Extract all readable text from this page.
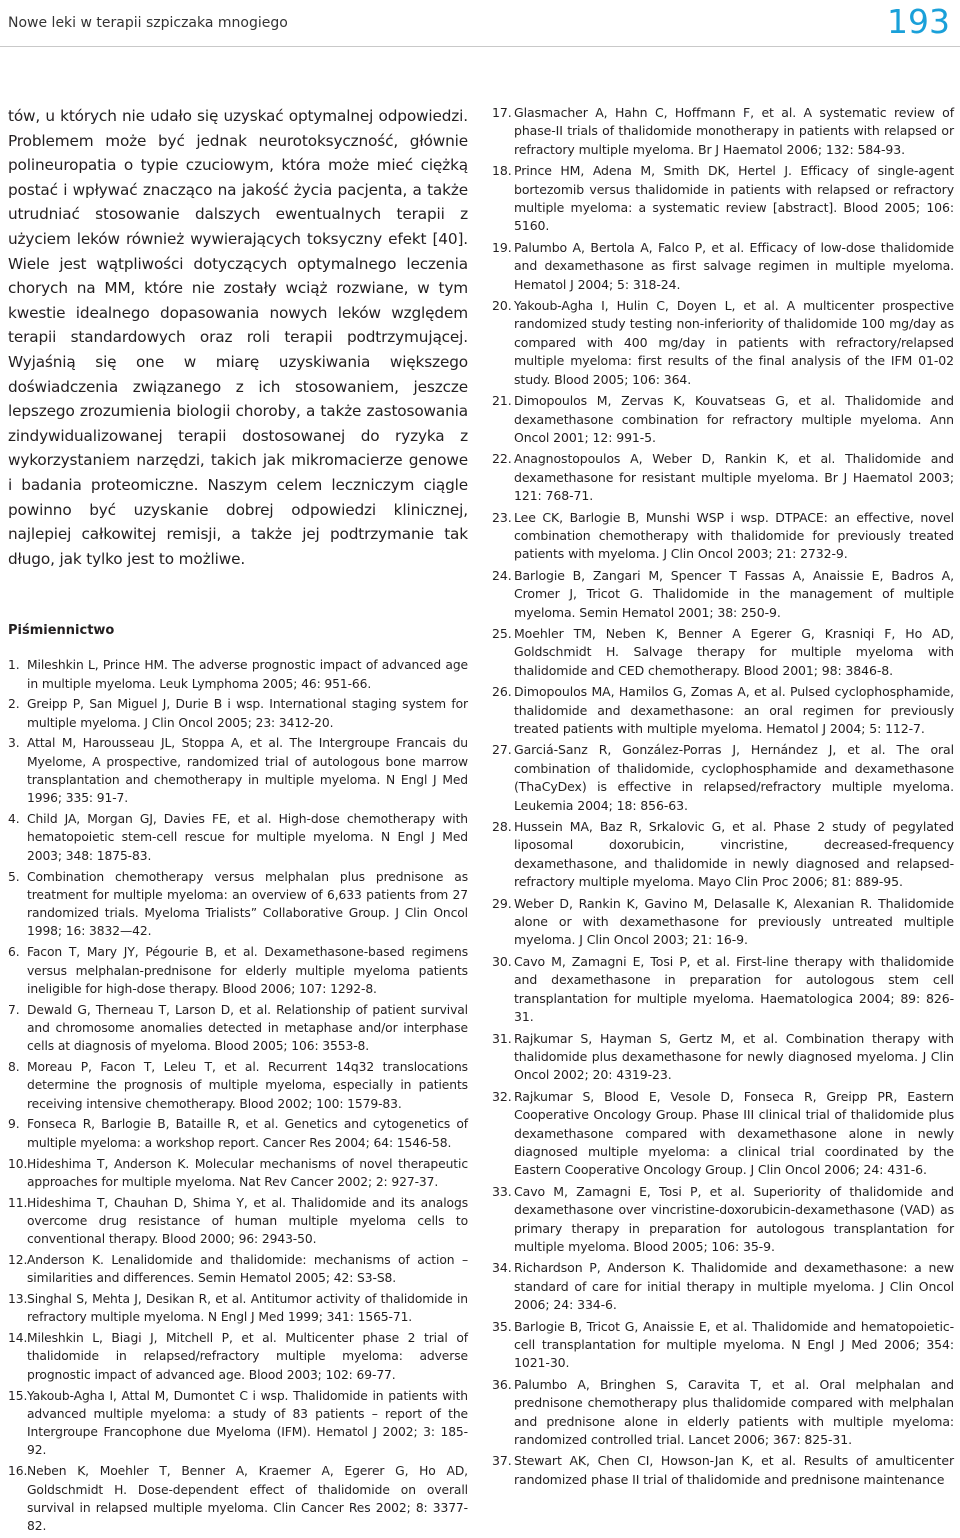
Nowe leki w terapii szpiczaka mnogiego	193

tów, u których nie udało się uzyskać optymalnej odpowiedzi. Problemem może być jednak neurotoksyczność, głównie polineuropatia o typie czuciowym, która może mieć ciężką postać i wpływać znacząco na jakość życia pacjenta, a także utrudniać stosowanie dalszych ewentualnych terapii z użyciem leków również wywierających toksyczny efekt [40]. Wiele jest wątpliwości dotyczących optymalnego leczenia chorych na MM, które nie zostały wciąż rozwiane, w tym kwestie idealnego dopasowania nowych leków względem terapii standardowych oraz roli terapii podtrzymującej. Wyjaśnią się one w miarę uzyskiwania większego doświadczenia związanego z ich stosowaniem, jeszcze lepszego zrozumienia biologii choroby, a także zastosowania zindywidualizowanej terapii dostosowanej do ryzyka z wykorzystaniem narzędzi, takich jak mikromacierze genowe i badania proteomiczne. Naszym celem leczniczym ciągle powinno być uzyskanie dobrej odpowiedzi klinicznej, najlepiej całkowitej remisji, a także jej podtrzymanie tak długo, jak tylko jest to możliwe.

Piśmiennictwo
1. Mileshkin L, Prince HM. The adverse prognostic impact of advanced age in multiple myeloma. Leuk Lymphoma 2005; 46: 951-66.
2. Greipp P, San Miguel J, Durie B i wsp. International staging system for multiple myeloma. J Clin Oncol 2005; 23: 3412-20.
3. Attal M, Harousseau JL, Stoppa A, et al. The Intergroupe Francais du Myelome, A prospective, randomized trial of autologous bone marrow transplantation and chemotherapy in multiple myeloma. N Engl J Med 1996; 335: 91-7.
4. Child JA, Morgan GJ, Davies FE, et al. High-dose chemotherapy with hematopoietic stem-cell rescue for multiple myeloma. N Engl J Med 2003; 348: 1875-83.
5. Combination chemotherapy versus melphalan plus prednisone as treatment for multiple myeloma: an overview of 6,633 patients from 27 randomized trials. Myeloma Trialists” Collaborative Group. J Clin Oncol 1998; 16: 3832—42.
6. Facon T, Mary JY, Pégourie B, et al. Dexamethasone-based regimens versus melphalan-prednisone for elderly multiple myeloma patients ineligible for high-dose therapy. Blood 2006; 107: 1292-8.
7. Dewald G, Therneau T, Larson D, et al. Relationship of patient survival and chromosome anomalies detected in metaphase and/or interphase cells at diagnosis of myeloma. Blood 2005; 106: 3553-8.
8. Moreau P, Facon T, Leleu T, et al. Recurrent 14q32 translocations determine the prognosis of multiple myeloma, especially in patients receiving intensive chemotherapy. Blood 2002; 100: 1579-83.
9. Fonseca R, Barlogie B, Bataille R, et al. Genetics and cytogenetics of multiple myeloma: a workshop report. Cancer Res 2004; 64: 1546-58.
10. Hideshima T, Anderson K. Molecular mechanisms of novel therapeutic approaches for multiple myeloma. Nat Rev Cancer 2002; 2: 927-37.
11. Hideshima T, Chauhan D, Shima Y, et al. Thalidomide and its analogs overcome drug resistance of human multiple myeloma cells to conventional therapy. Blood 2000; 96: 2943-50.
12. Anderson K. Lenalidomide and thalidomide: mechanisms of action – similarities and differences. Semin Hematol 2005; 42: S3-S8.
13. Singhal S, Mehta J, Desikan R, et al. Antitumor activity of thalidomide in refractory multiple myeloma. N Engl J Med 1999; 341: 1565-71.
14. Mileshkin L, Biagi J, Mitchell P, et al. Multicenter phase 2 trial of thalidomide in relapsed/refractory multiple myeloma: adverse prognostic impact of advanced age. Blood 2003; 102: 69-77.
15. Yakoub-Agha I, Attal M, Dumontet C i wsp. Thalidomide in patients with advanced multiple myeloma: a study of 83 patients – report of the Intergroupe Francophone due Myeloma (IFM). Hematol J 2002; 3: 185-92.
16. Neben K, Moehler T, Benner A, Kraemer A, Egerer G, Ho AD, Goldschmidt H. Dose-dependent effect of thalidomide on overall survival in relapsed multiple myeloma. Clin Cancer Res 2002; 8: 3377-82.
17. Glasmacher A, Hahn C, Hoffmann F, et al. A systematic review of phase-II trials of thalidomide monotherapy in patients with relapsed or refractory multiple myeloma. Br J Haematol 2006; 132: 584-93.
18. Prince HM, Adena M, Smith DK, Hertel J. Efficacy of single-agent bortezomib versus thalidomide in patients with relapsed or refractory multiple myeloma: a systematic review [abstract]. Blood 2005; 106: 5160.
19. Palumbo A, Bertola A, Falco P, et al. Efficacy of low-dose thalidomide and dexamethasone as first salvage regimen in multiple myeloma. Hematol J 2004; 5: 318-24.
20. Yakoub-Agha I, Hulin C, Doyen L, et al. A multicenter prospective randomized study testing non-inferiority of thalidomide 100 mg/day as compared with 400 mg/day in patients with refractory/relapsed multiple myeloma: first results of the final analysis of the IFM 01-02 study. Blood 2005; 106: 364.
21. Dimopoulos M, Zervas K, Kouvatseas G, et al. Thalidomide and dexamethasone combination for refractory multiple myeloma. Ann Oncol 2001; 12: 991-5.
22. Anagnostopoulos A, Weber D, Rankin K, et al. Thalidomide and dexamethasone for resistant multiple myeloma. Br J Haematol 2003; 121: 768-71.
23. Lee CK, Barlogie B, Munshi WSP i wsp. DTPACE: an effective, novel combination chemotherapy with thalidomide for previously treated patients with myeloma. J Clin Oncol 2003; 21: 2732-9.
24. Barlogie B, Zangari M, Spencer T Fassas A, Anaissie E, Badros A, Cromer J, Tricot G. Thalidomide in the management of multiple myeloma. Semin Hematol 2001; 38: 250-9.
25. Moehler TM, Neben K, Benner A Egerer G, Krasniqi F, Ho AD, Goldschmidt H. Salvage therapy for multiple myeloma with thalidomide and CED chemotherapy. Blood 2001; 98: 3846-8.
26. Dimopoulos MA, Hamilos G, Zomas A, et al. Pulsed cyclophosphamide, thalidomide and dexamethasone: an oral regimen for previously treated patients with multiple myeloma. Hematol J 2004; 5: 112-7.
27. Garciá-Sanz R, González-Porras J, Hernández J, et al. The oral combination of thalidomide, cyclophosphamide and dexamethasone (ThaCyDex) is effective in relapsed/refractory multiple myeloma. Leukemia 2004; 18: 856-63.
28. Hussein MA, Baz R, Srkalovic G, et al. Phase 2 study of pegylated liposomal doxorubicin, vincristine, decreased-frequency dexamethasone, and thalidomide in newly diagnosed and relapsed-refractory multiple myeloma. Mayo Clin Proc 2006; 81: 889-95.
29. Weber D, Rankin K, Gavino M, Delasalle K, Alexanian R. Thalidomide alone or with dexamethasone for previously untreated multiple myeloma. J Clin Oncol 2003; 21: 16-9.
30. Cavo M, Zamagni E, Tosi P, et al. First-line therapy with thalidomide and dexamethasone in preparation for autologous stem cell transplantation for multiple myeloma. Haematologica 2004; 89: 826-31.
31. Rajkumar S, Hayman S, Gertz M, et al. Combination therapy with thalidomide plus dexamethasone for newly diagnosed myeloma. J Clin Oncol 2002; 20: 4319-23.
32. Rajkumar S, Blood E, Vesole D, Fonseca R, Greipp PR, Eastern Cooperative Oncology Group. Phase III clinical trial of thalidomide plus dexamethasone compared with dexamethasone alone in newly diagnosed multiple myeloma: a clinical trial coordinated by the Eastern Cooperative Oncology Group. J Clin Oncol 2006; 24: 431-6.
33. Cavo M, Zamagni E, Tosi P, et al. Superiority of thalidomide and dexamethasone over vincristine-doxorubicin-dexamethasone (VAD) as primary therapy in preparation for autologous transplantation for multiple myeloma. Blood 2005; 106: 35-9.
34. Richardson P, Anderson K. Thalidomide and dexamethasone: a new standard of care for initial therapy in multiple myeloma. J Clin Oncol 2006; 24: 334-6.
35. Barlogie B, Tricot G, Anaissie E, et al. Thalidomide and hematopoietic-cell transplantation for multiple myeloma. N Engl J Med 2006; 354: 1021-30.
36. Palumbo A, Bringhen S, Caravita T, et al. Oral melphalan and prednisone chemotherapy plus thalidomide compared with melphalan and prednisone alone in elderly patients with multiple myeloma: randomized controlled trial. Lancet 2006; 367: 825-31.
37. Stewart AK, Chen CI, Howson-Jan K, et al. Results of amulticenter randomized phase II trial of thalidomide and prednisone maintenance
